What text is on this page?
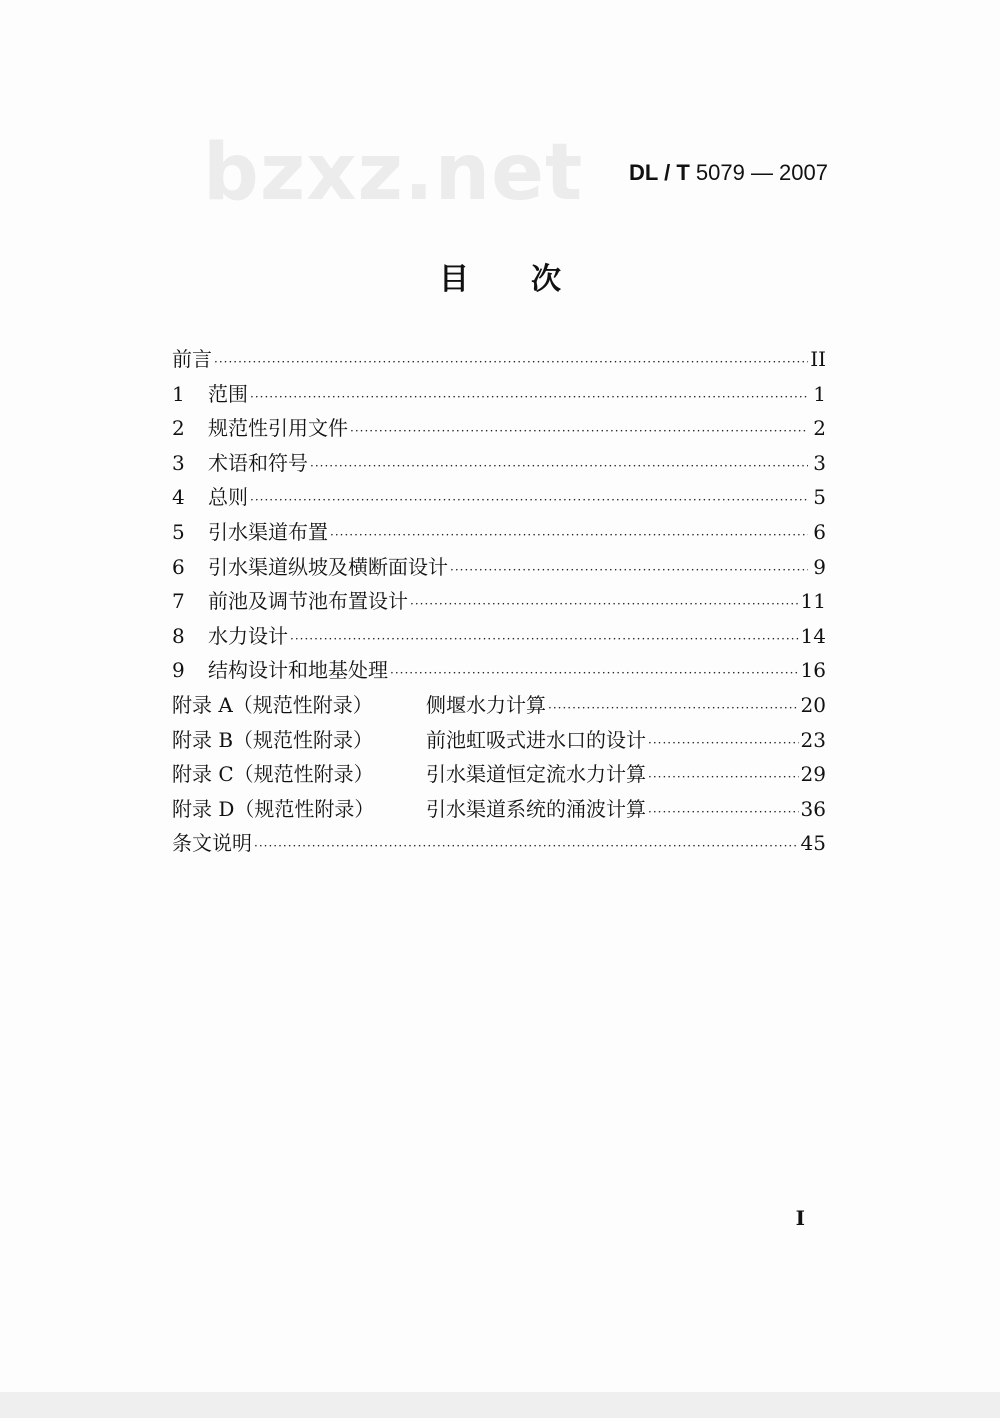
bzxz.net DL / T 5079 — 2007
目次
前言 ·····	II
1 范围 ·····	1
2 规范性引用文件 ·····	2
3 术语和符号 ·····	3
4 总则 ·····	5
5 引水渠道布置 ·····	6
6 引水渠道纵坡及横断面设计 ·····	9
7 前池及调节池布置设计 ·····	11
8 水力设计 ·····	14
9 结构设计和地基处理 ·····	16
附录 A（规范性附录）	侧堰水力计算 ·····	20
附录 B（规范性附录）	前池虹吸式进水口的设计 ·····	23
附录 C（规范性附录）	引水渠道恒定流水力计算 ·····	29
附录 D（规范性附录）	引水渠道系统的涌波计算 ·····	36
条文说明 ·····	45
I
